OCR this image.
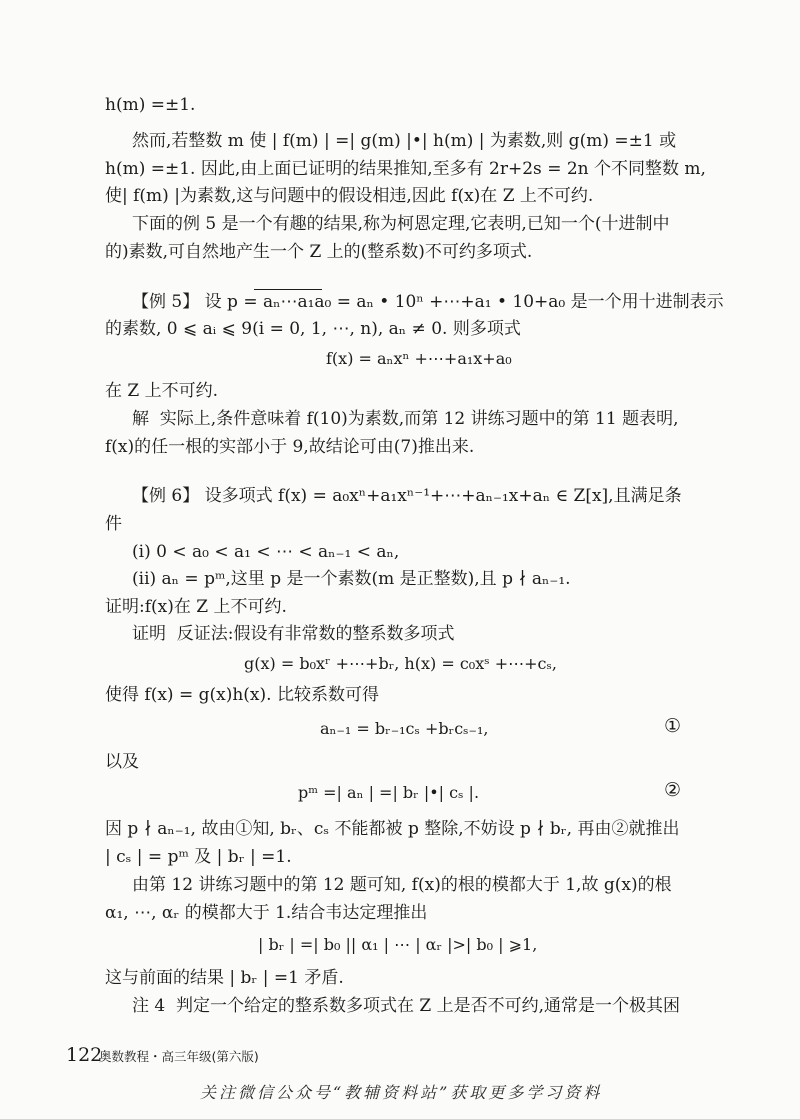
h(m) =±1.
然而,若整数 m 使 | f(m) | =| g(m) |•| h(m) | 为素数,则 g(m) =±1 或
h(m) =±1. 因此,由上面已证明的结果推知,至多有 2r+2s = 2n 个不同整数 m,
使| f(m) |为素数,这与问题中的假设相违,因此 f(x)在 Z 上不可约.
下面的例 5 是一个有趣的结果,称为柯恩定理,它表明,已知一个(十进制中
的)素数,可自然地产生一个 Z 上的(整系数)不可约多项式.
【例 5】 设 p = aₙ⋯a₁a₀ = aₙ • 10ⁿ +⋯+a₁ • 10+a₀ 是一个用十进制表示
的素数, 0 ⩽ aᵢ ⩽ 9(i = 0, 1, ⋯, n), aₙ ≠ 0. 则多项式
f(x) = aₙxⁿ +⋯+a₁x+a₀
在 Z 上不可约.
解  实际上,条件意味着 f(10)为素数,而第 12 讲练习题中的第 11 题表明,
f(x)的任一根的实部小于 9,故结论可由(7)推出来.
【例 6】 设多项式 f(x) = a₀xⁿ+a₁xⁿ⁻¹+⋯+aₙ₋₁x+aₙ ∈ Z[x],且满足条
件
(i) 0 < a₀ < a₁ < ⋯ < aₙ₋₁ < aₙ,
(ii) aₙ = pᵐ,这里 p 是一个素数(m 是正整数),且 p ∤ aₙ₋₁.
证明:f(x)在 Z 上不可约.
证明  反证法:假设有非常数的整系数多项式
g(x) = b₀xʳ +⋯+bᵣ, h(x) = c₀xˢ +⋯+cₛ,
使得 f(x) = g(x)h(x). 比较系数可得
aₙ₋₁ = bᵣ₋₁cₛ +bᵣcₛ₋₁,	①
以及
pᵐ =| aₙ | =| bᵣ |•| cₛ |.	②
因 p ∤ aₙ₋₁, 故由①知, bᵣ、cₛ 不能都被 p 整除,不妨设 p ∤ bᵣ, 再由②就推出
| cₛ | = pᵐ 及 | bᵣ | =1.
由第 12 讲练习题中的第 12 题可知, f(x)的根的模都大于 1,故 g(x)的根
α₁, ⋯, αᵣ 的模都大于 1.结合韦达定理推出
| bᵣ | =| b₀ || α₁ | ⋯ | αᵣ |>| b₀ | ⩾1,
这与前面的结果 | bᵣ | =1 矛盾.
注 4  判定一个给定的整系数多项式在 Z 上是否不可约,通常是一个极其困
122
奥数教程・高三年级(第六版)
关注微信公众号“教辅资料站”获取更多学习资料
